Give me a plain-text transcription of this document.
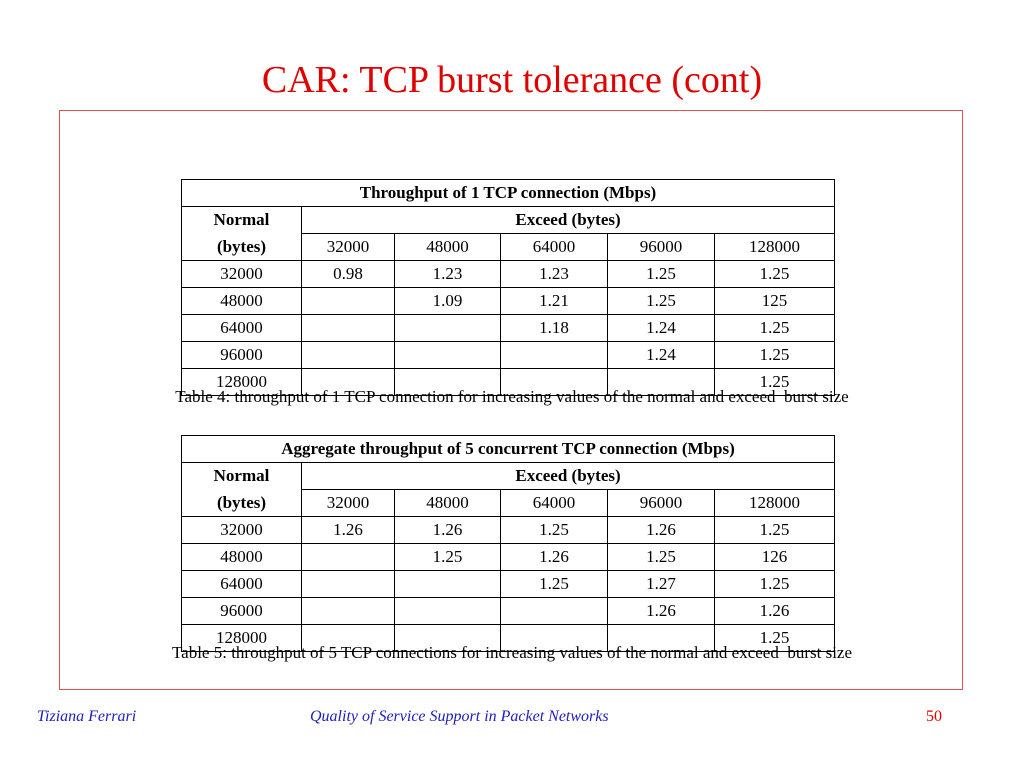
CAR: TCP burst tolerance (cont)
Throughput of 1 TCP connection (Mbps)					
Normal	Exceed (bytes)				
(bytes)	32000	48000	64000	96000	128000
32000	0.98	1.23	1.23	1.25	1.25
48000		1.09	1.21	1.25	125
64000			1.18	1.24	1.25
96000				1.24	1.25
128000					1.25
Table 4: throughput of 1 TCP connection for increasing values of the normal and exceed  burst size
Aggregate throughput of 5 concurrent TCP connection (Mbps)					
Normal	Exceed (bytes)				
(bytes)	32000	48000	64000	96000	128000
32000	1.26	1.26	1.25	1.26	1.25
48000		1.25	1.26	1.25	126
64000			1.25	1.27	1.25
96000				1.26	1.26
128000					1.25
Table 5: throughput of 5 TCP connections for increasing values of the normal and exceed  burst size
Tiziana Ferrari	Quality of Service Support in Packet Networks	50
